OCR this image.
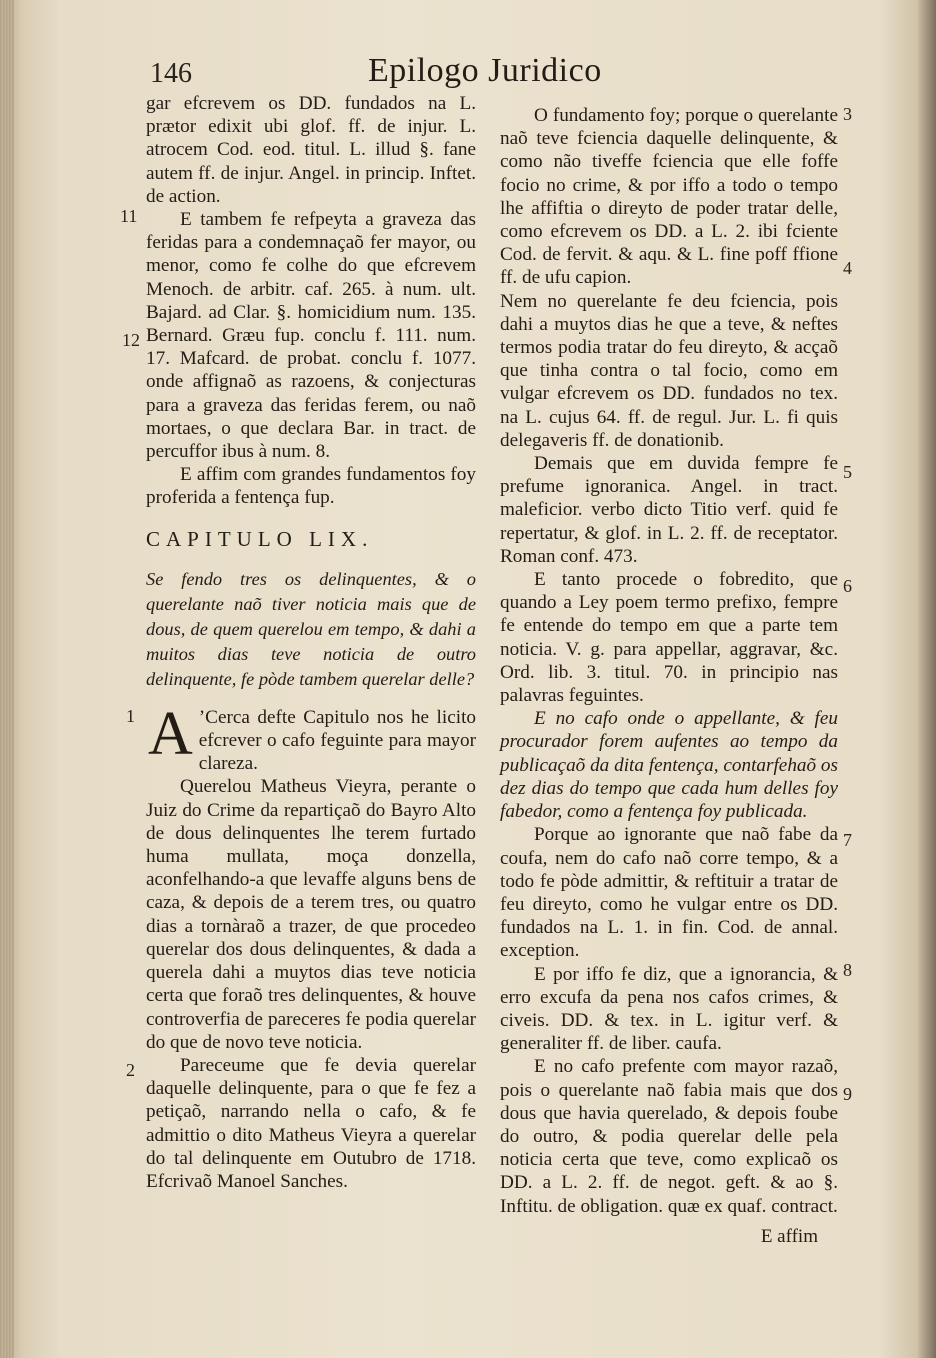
146	Epilogo Juridico
11
12
1
2
3
4
5
6
7
8
9

gar efcrevem os DD. fundados na L. prætor edixit ubi glof. ff. de injur. L. atrocem Cod. eod. titul. L. illud §. fane autem ff. de injur. Angel. in princip. Inftet. de action.

E tambem fe refpeyta a graveza das feridas para a condemnaçaõ fer mayor, ou menor, como fe colhe do que efcrevem Menoch. de arbitr. caf. 265. à num. ult. Bajard. ad Clar. §. homicidium num. 135. Bernard. Græu fup. conclu f. 111. num. 17. Mafcard. de probat. conclu f. 1077. onde affignaõ as razoens, & conjecturas para a graveza das feridas ferem, ou naõ mortaes, o que declara Bar. in tract. de percuffor ibus à num. 8.

E affim com grandes fundamentos foy proferida a fentença fup.

CAPITULO LIX.

Se fendo tres os delinquentes, & o querelante naõ tiver noticia mais que de dous, de quem querelou em tempo, & dahi a muitos dias teve noticia de outro delinquente, fe pòde tambem querelar delle?

A ’Cerca defte Capitulo nos he licito efcrever o cafo feguinte para mayor clareza.

Querelou Matheus Vieyra, perante o Juiz do Crime da repartiçaõ do Bayro Alto de dous delinquentes lhe terem furtado huma mullata, moça donzella, aconfelhando-a que levaffe alguns bens de caza, & depois de a terem tres, ou quatro dias a tornàraõ a trazer, de que procedeo querelar dos dous delinquentes, & dada a querela dahi a muytos dias teve noticia certa que foraõ tres delinquentes, & houve controverfia de pareceres fe podia querelar do que de novo teve noticia.

Pareceume que fe devia querelar daquelle delinquente, para o que fe fez a petiçaõ, narrando nella o cafo, & fe admittio o dito Matheus Vieyra a querelar do tal delinquente em Outubro de 1718. Efcrivaõ Manoel Sanches.

O fundamento foy; porque o querelante naõ teve fciencia daquelle delinquente, & como não tiveffe fciencia que elle foffe focio no crime, & por iffo a todo o tempo lhe affiftia o direyto de poder tratar delle, como efcrevem os DD. a L. 2. ibi fciente Cod. de fervit. & aqu. & L. fine poff ffione ff. de ufu capion.

Nem no querelante fe deu fciencia, pois dahi a muytos dias he que a teve, & neftes termos podia tratar do feu direyto, & acçaõ que tinha contra o tal focio, como em vulgar efcrevem os DD. fundados no tex. na L. cujus 64. ff. de regul. Jur. L. fi quis delegaveris ff. de donationib.

Demais que em duvida fempre fe prefume ignoranica. Angel. in tract. maleficior. verbo dicto Titio verf. quid fe repertatur, & glof. in L. 2. ff. de receptator. Roman conf. 473.

E tanto procede o fobredito, que quando a Ley poem termo prefixo, fempre fe entende do tempo em que a parte tem noticia. V. g. para appellar, aggravar, &c. Ord. lib. 3. titul. 70. in principio nas palavras feguintes.

E no cafo onde o appellante, & feu procurador forem aufentes ao tempo da publicaçaõ da dita fentença, contarfehaõ os dez dias do tempo que cada hum delles foy fabedor, como a fentença foy publicada.

Porque ao ignorante que naõ fabe da coufa, nem do cafo naõ corre tempo, & a todo fe pòde admittir, & reftituir a tratar de feu direyto, como he vulgar entre os DD. fundados na L. 1. in fin. Cod. de annal. exception.

E por iffo fe diz, que a ignorancia, & erro excufa da pena nos cafos crimes, & civeis. DD. & tex. in L. igitur verf. & generaliter ff. de liber. caufa.

E no cafo prefente com mayor razaõ, pois o querelante naõ fabia mais que dos dous que havia querelado, & depois foube do outro, & podia querelar delle pela noticia certa que teve, como explicaõ os DD. a L. 2. ff. de negot. geft. & ao §. Inftitu. de obligation. quæ ex quaf. contract.

E affim
